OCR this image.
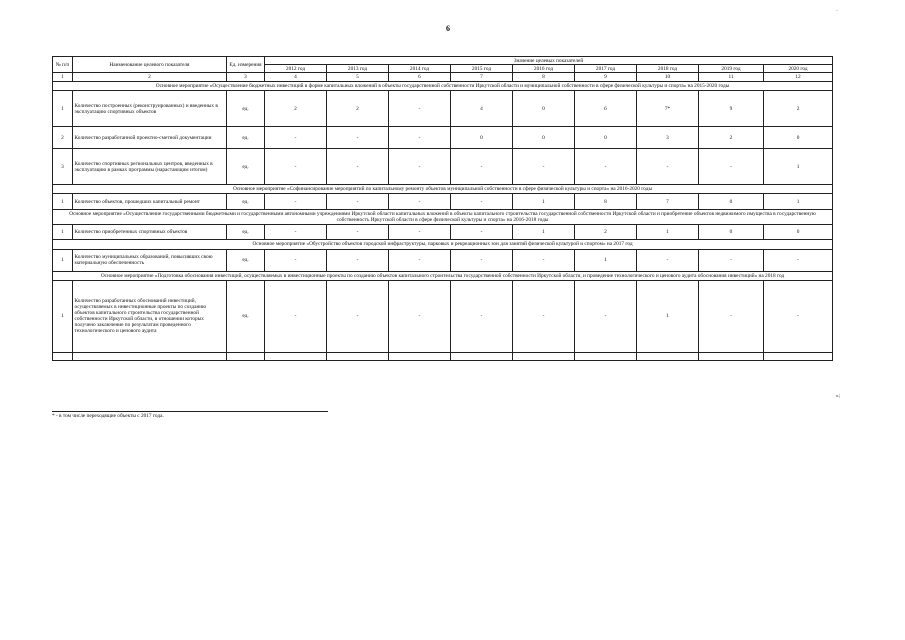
6
-
№ п/п	Наименование целевого показателя	Ед. измерения	Значение целевых показателей								
			2012 год	2013 год	2014 год	2015 год	2016 год	2017 год	2018 год	2019 год	2020 год
1	2	3	4	5	6	7	8	9	10	11	12
Основное мероприятие «Осуществление бюджетных инвестиций в форме капитальных вложений в объекты государственной собственности Иркутской области и муниципальной собственности в сфере физической культуры и спорта» на 2015-2020 годы											
1	Количество построенных (реконструированных) и введенных в эксплуатацию спортивных объектов	ед.	2	2	-	4	0	6	7*	9	2
2	Количество разработанной проектно-сметной документации	ед.	-	-	-	0	0	0	3	2	0
3	Количество спортивных региональных центров, введенных в эксплуатацию в рамках программы (нарастающим итогом)	ед.	-	-	-	-	-	-	-	-	1
Основное мероприятие «Софинансирование мероприятий по капитальному ремонту объектов муниципальной собственности в сфере физической культуры и спорта» на 2016-2020 годы											
1	Количество объектов, прошедших капитальный ремонт	ед.	-	-	-	-	1	8	7	0	1
Основное мероприятие «Осуществление государственными бюджетными и государственными автономными учреждениями Иркутской области капитальных вложений в объекты капитального строительства государственной собственности Иркутской области и приобретение объектов недвижимого имущества в государственную собственность Иркутской области в сфере физической культуры и спорта» на 2016-2018 годы											
1	Количество приобретенных спортивных объектов	ед.	-	-	-	-	1	2	1	0	0
Основное мероприятие «Обустройство объектов городской инфраструктуры, парковых и рекреационных зон для занятий физической культурой и спортом» на 2017 год											
1	Количество муниципальных образований, повысивших свою материальную обеспеченность	ед.	-	-	-	-	-	1	-	-	-
Основное мероприятие «Подготовка обоснования инвестиций, осуществляемых в инвестиционные проекты по созданию объектов капитального строительства государственной собственности Иркутской области, и проведение технологического и ценового аудита обоснования инвестиций» на 2018 год											
1	Количество разработанных обоснований инвестиций, осуществляемых в инвестиционные проекты по созданию объектов капитального строительства государственной собственности Иркутской области, в отношении которых получено заключение по результатам проведенного технологического и ценового аудита	ед.	-	-	-	-	-	-	1	-	-

»;
* - в том числе переходящие объекты с 2017 года.
